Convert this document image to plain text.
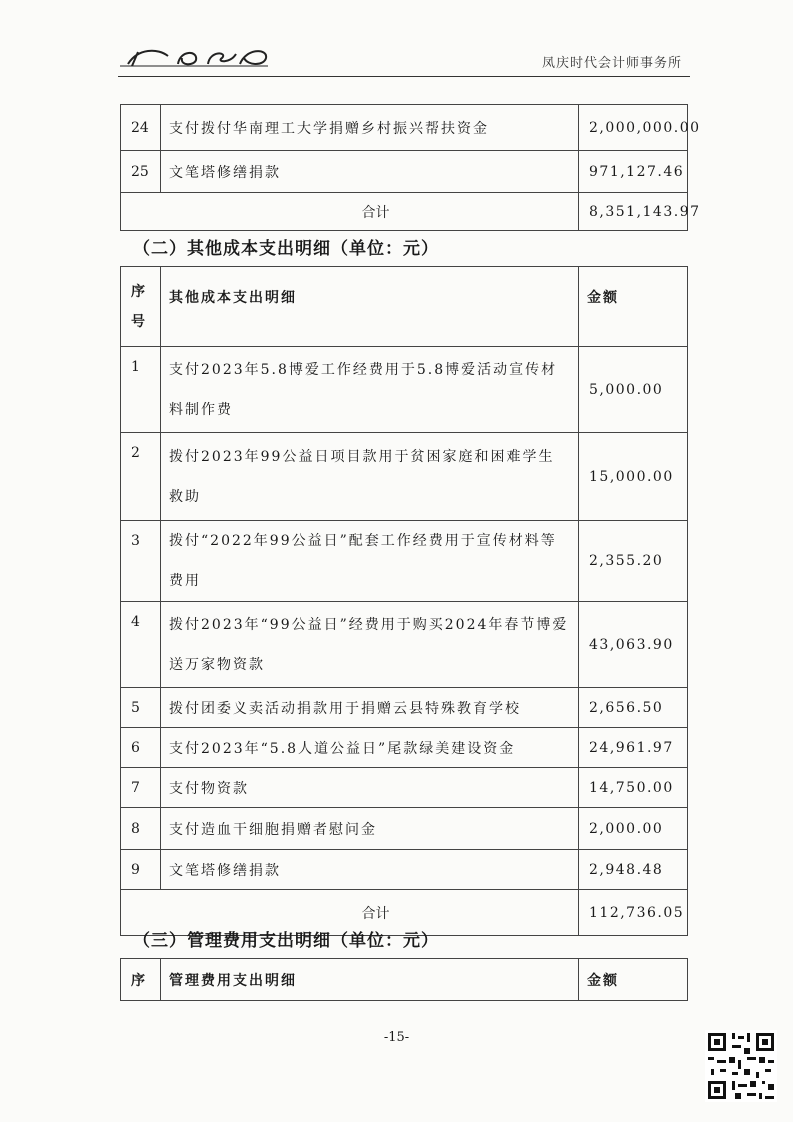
凤庆时代会计师事务所
24	支付拨付华南理工大学捐赠乡村振兴帮扶资金	2,000,000.00
25	文笔塔修缮捐款	971,127.46
合计		8,351,143.97
（二）其他成本支出明细（单位：元）
序号	其他成本支出明细	金额
1	支付2023年5.8博爱工作经费用于5.8博爱活动宣传材料制作费	5,000.00
2	拨付2023年99公益日项目款用于贫困家庭和困难学生救助	15,000.00
3	拨付“2022年99公益日”配套工作经费用于宣传材料等费用	2,355.20
4	拨付2023年“99公益日”经费用于购买2024年春节博爱送万家物资款	43,063.90
5	拨付团委义卖活动捐款用于捐赠云县特殊教育学校	2,656.50
6	支付2023年“5.8人道公益日”尾款绿美建设资金	24,961.97
7	支付物资款	14,750.00
8	支付造血干细胞捐赠者慰问金	2,000.00
9	文笔塔修缮捐款	2,948.48
合计		112,736.05
（三）管理费用支出明细（单位：元）
序	管理费用支出明细	金额
-15-
